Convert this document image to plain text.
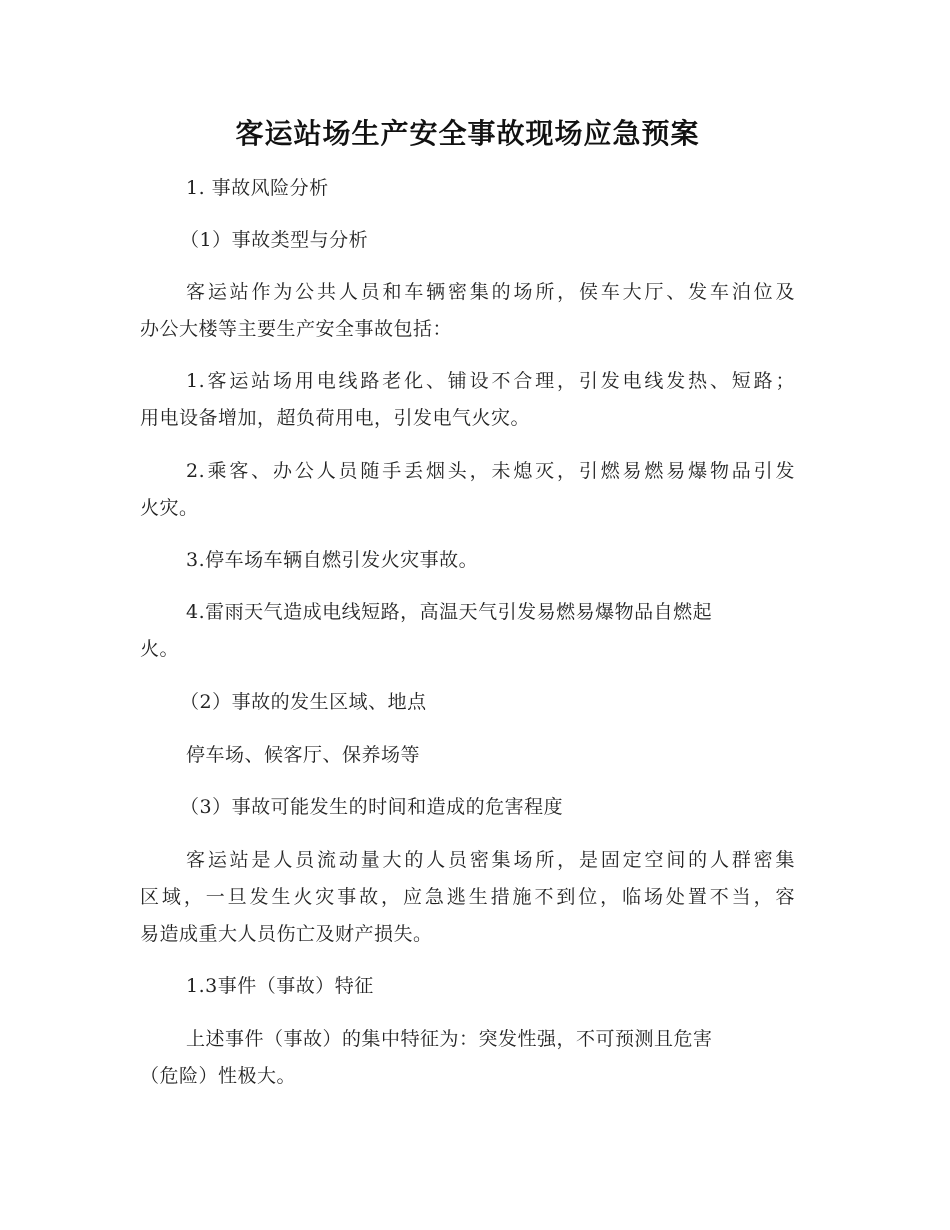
客运站场生产安全事故现场应急预案
1. 事故风险分析
（1）事故类型与分析
客运站作为公共人员和车辆密集的场所，侯车大厅、发车泊位及
办公大楼等主要生产安全事故包括：
1.客运站场用电线路老化、铺设不合理，引发电线发热、短路；
用电设备增加，超负荷用电，引发电气火灾。
2.乘客、办公人员随手丢烟头，未熄灭，引燃易燃易爆物品引发
火灾。
3.停车场车辆自燃引发火灾事故。
4.雷雨天气造成电线短路，高温天气引发易燃易爆物品自燃起
火。
（2）事故的发生区域、地点
停车场、候客厅、保养场等
（3）事故可能发生的时间和造成的危害程度
客运站是人员流动量大的人员密集场所，是固定空间的人群密集
区域，一旦发生火灾事故，应急逃生措施不到位，临场处置不当，容
易造成重大人员伤亡及财产损失。
1.3事件（事故）特征
上述事件（事故）的集中特征为：突发性强，不可预测且危害
（危险）性极大。
